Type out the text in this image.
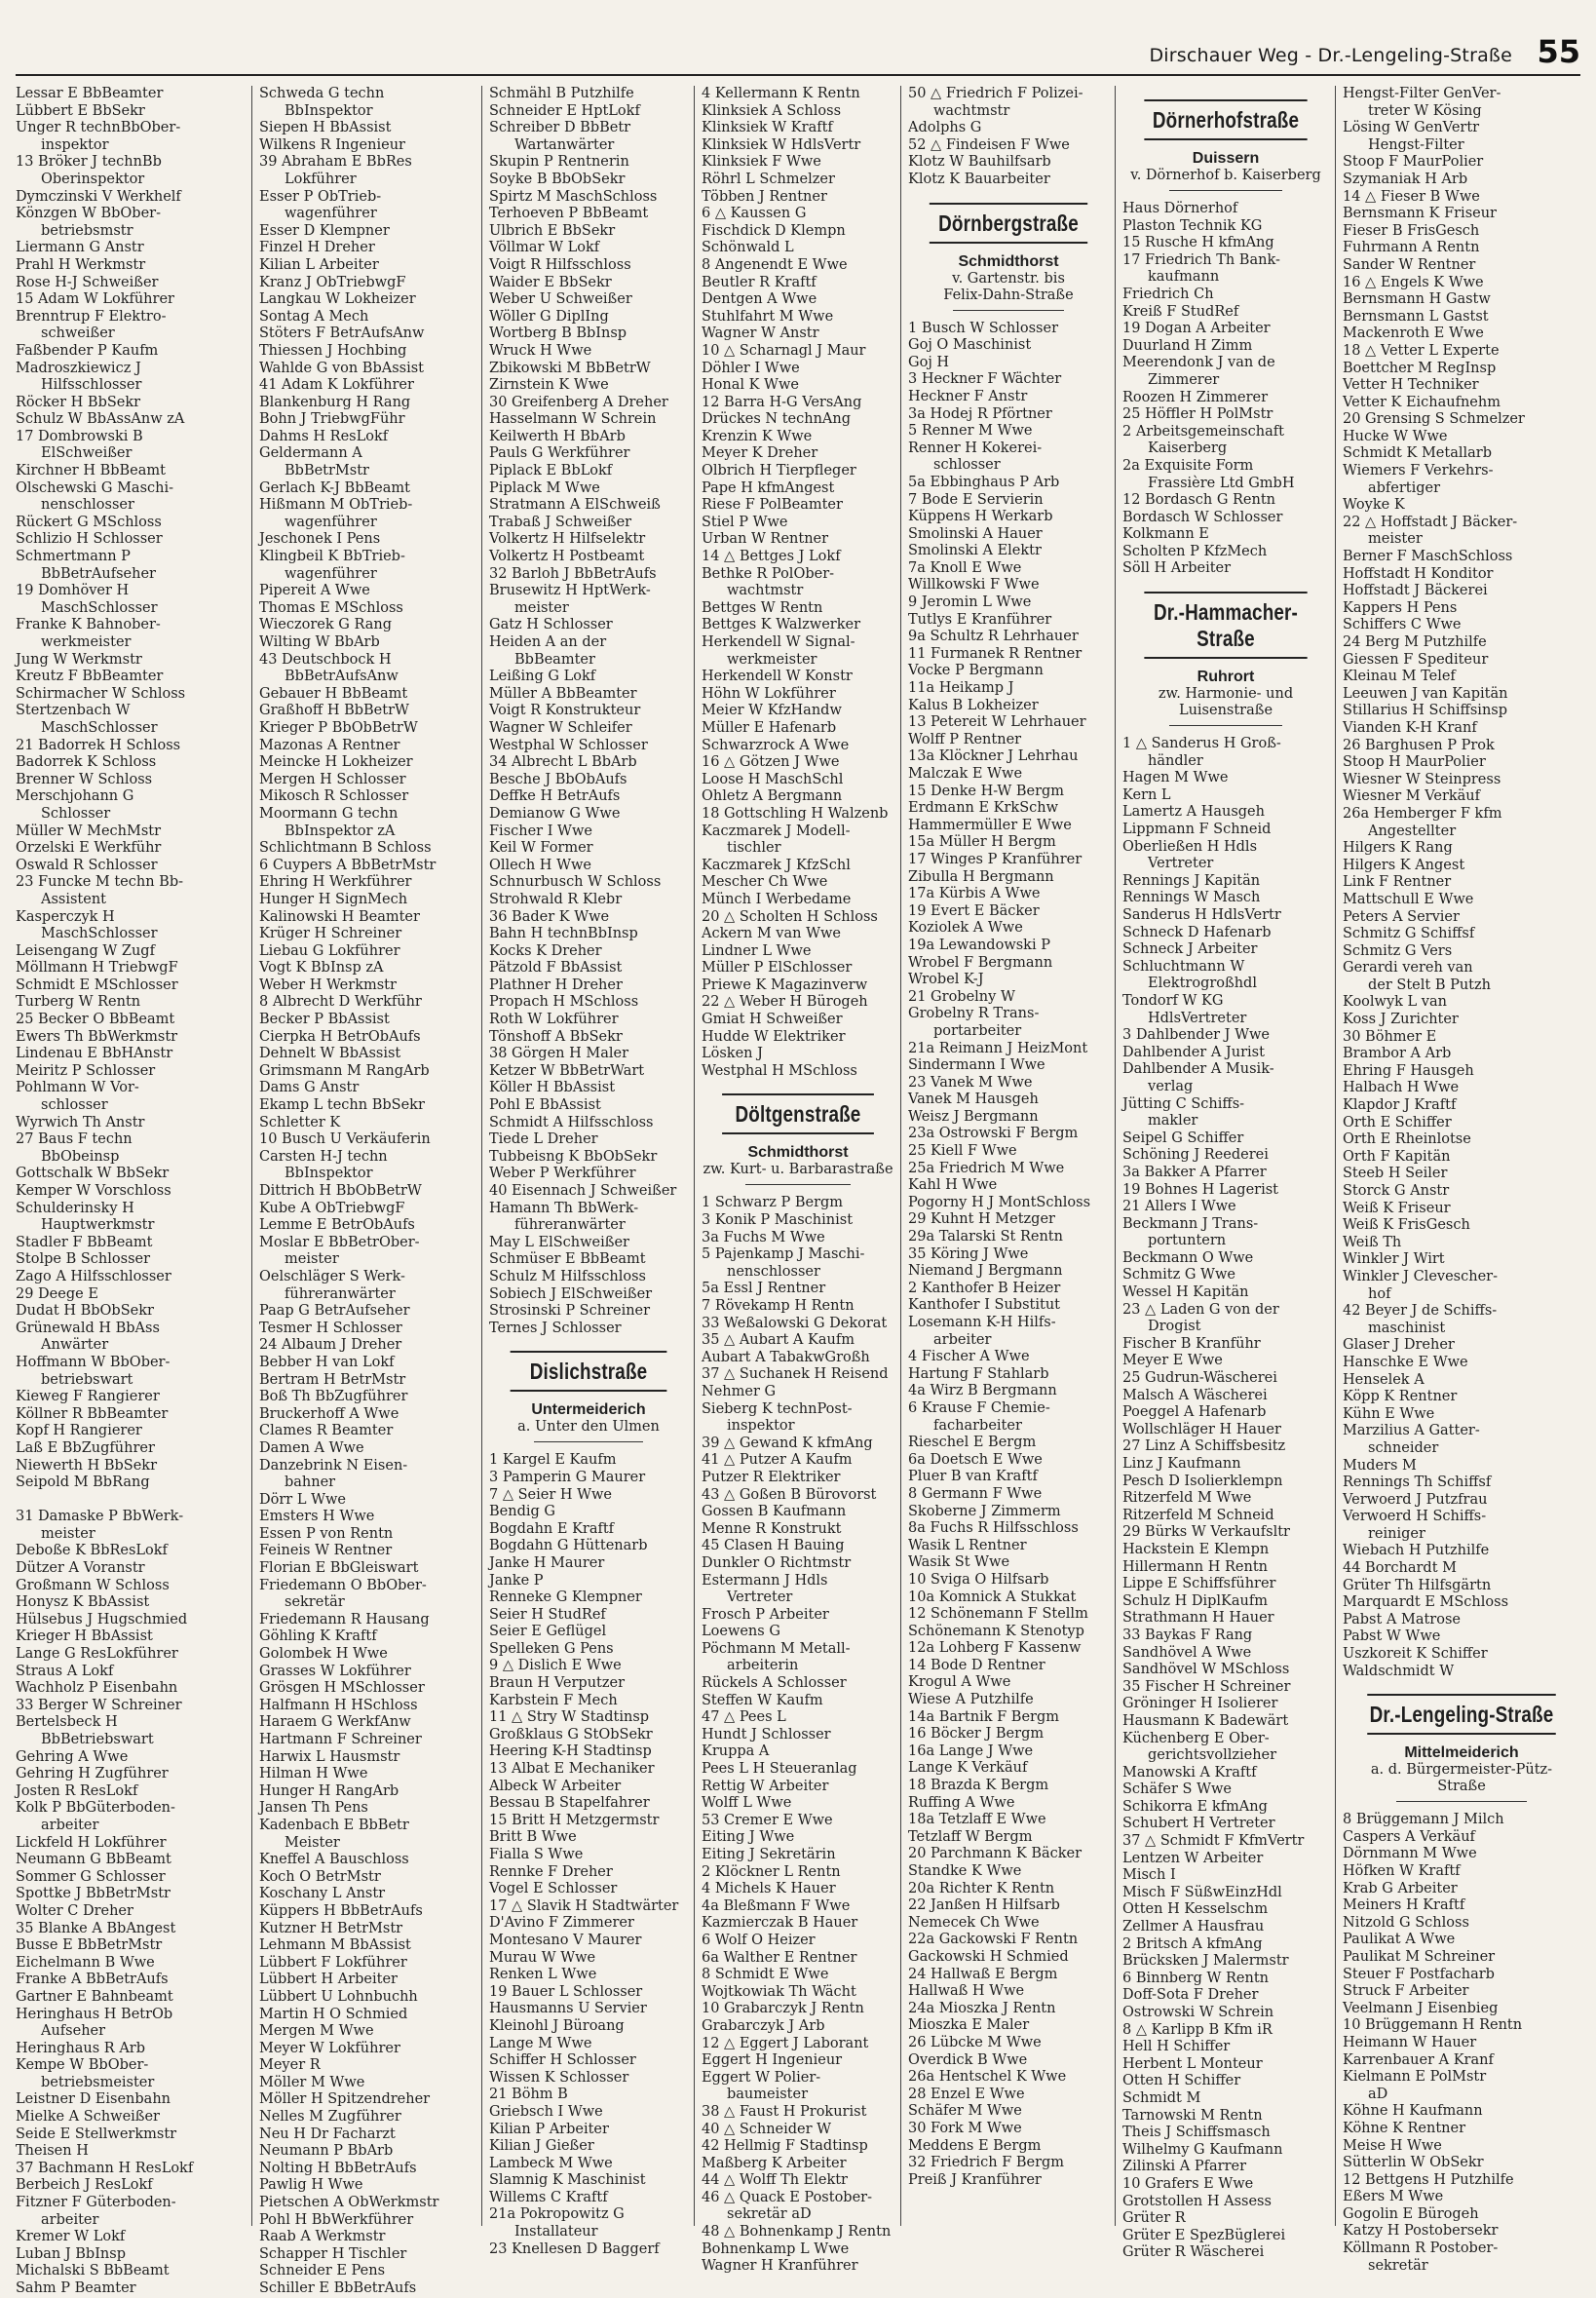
Dirschauer Weg - Dr.-Lengeling-Straße 55
Lessar E BbBeamter
Lübbert E BbSekr
Unger R technBbOber-
inspektor
13 Bröker J technBb
Oberinspektor
Dymczinski V Werkhelf
Könzgen W BbOber-
betriebsmstr
Liermann G Anstr
Prahl H Werkmstr
Rose H-J Schweißer
15 Adam W Lokführer
Brenntrup F Elektro-
schweißer
Faßbender P Kaufm
Madroszkiewicz J
Hilfsschlosser
Röcker H BbSekr
Schulz W BbAssAnw zA
17 Dombrowski B
ElSchweißer
Kirchner H BbBeamt
Olschewski G Maschi-
nenschlosser
Rückert G MSchloss
Schlizio H Schlosser
Schmertmann P
BbBetrAufseher
19 Domhöver H
MaschSchlosser
Franke K Bahnober-
werkmeister
Jung W Werkmstr
Kreutz F BbBeamter
Schirmacher W Schloss
Stertzenbach W
MaschSchlosser
21 Badorrek H Schloss
Badorrek K Schloss
Brenner W Schloss
Merschjohann G
Schlosser
Müller W MechMstr
Orzelski E Werkführ
Oswald R Schlosser
23 Funcke M techn Bb-
Assistent
Kasperczyk H
MaschSchlosser
Leisengang W Zugf
Möllmann H TriebwgF
Schmidt E MSchlosser
Turberg W Rentn
25 Becker O BbBeamt
Ewers Th BbWerkmstr
Lindenau E BbHAnstr
Meiritz P Schlosser
Pohlmann W Vor-
schlosser
Wyrwich Th Anstr
27 Baus F techn
BbObeinsp
Gottschalk W BbSekr
Kemper W Vorschloss
Schulderinsky H
Hauptwerkmstr
Stadler F BbBeamt
Stolpe B Schlosser
Zago A Hilfsschlosser
29 Deege E
Dudat H BbObSekr
Grünewald H BbAss
Anwärter
Hoffmann W BbOber-
betriebswart
Kieweg F Rangierer
Köllner R BbBeamter
Kopf H Rangierer
Laß E BbZugführer
Niewerth H BbSekr
Seipold M BbRang

31 Damaske P BbWerk-
meister
Deboße K BbResLokf
Dützer A Voranstr
Großmann W Schloss
Honysz K BbAssist
Hülsebus J Hugschmied
Krieger H BbAssist
Lange G ResLokführer
Straus A Lokf
Wachholz P Eisenbahn
33 Berger W Schreiner
Bertelsbeck H
BbBetriebswart
Gehring A Wwe
Gehring H Zugführer
Josten R ResLokf
Kolk P BbGüterboden-
arbeiter
Lickfeld H Lokführer
Neumann G BbBeamt
Sommer G Schlosser
Spottke J BbBetrMstr
Wolter C Dreher
35 Blanke A BbAngest
Busse E BbBetrMstr
Eichelmann B Wwe
Franke A BbBetrAufs
Gartner E Bahnbeamt
Heringhaus H BetrOb
Aufseher
Heringhaus R Arb
Kempe W BbOber-
betriebsmeister
Leistner D Eisenbahn
Mielke A Schweißer
Seide E Stellwerkmstr
Theisen H
37 Bachmann H ResLokf
Berbeich J ResLokf
Fitzner F Güterboden-
arbeiter
Kremer W Lokf
Luban J BbInsp
Michalski S BbBeamt
Sahm P Beamter
Schweda G techn
BbInspektor
Siepen H BbAssist
Wilkens R Ingenieur
39 Abraham E BbRes
Lokführer
Esser P ObTrieb-
wagenführer
Esser D Klempner
Finzel H Dreher
Kilian L Arbeiter
Kranz J ObTriebwgF
Langkau W Lokheizer
Sontag A Mech
Stöters F BetrAufsAnw
Thiessen J Hochbing
Wahlde G von BbAssist
41 Adam K Lokführer
Blankenburg H Rang
Bohn J TriebwgFühr
Dahms H ResLokf
Geldermann A
BbBetrMstr
Gerlach K-J BbBeamt
Hißmann M ObTrieb-
wagenführer
Jeschonek I Pens
Klingbeil K BbTrieb-
wagenführer
Pipereit A Wwe
Thomas E MSchloss
Wieczorek G Rang
Wilting W BbArb
43 Deutschbock H
BbBetrAufsAnw
Gebauer H BbBeamt
Graßhoff H BbBetrW
Krieger P BbObBetrW
Mazonas A Rentner
Meincke H Lokheizer
Mergen H Schlosser
Mikosch R Schlosser
Moormann G techn
BbInspektor zA
Schlichtmann B Schloss
6 Cuypers A BbBetrMstr
Ehring H Werkführer
Hunger H SignMech
Kalinowski H Beamter
Krüger H Schreiner
Liebau G Lokführer
Vogt K BbInsp zA
Weber H Werkmstr
8 Albrecht D Werkführ
Becker P BbAssist
Cierpka H BetrObAufs
Dehnelt W BbAssist
Grimsmann M RangArb
Dams G Anstr
Ekamp L techn BbSekr
Schletter K
10 Busch U Verkäuferin
Carsten H-J techn
BbInspektor
Dittrich H BbObBetrW
Kube A ObTriebwgF
Lemme E BetrObAufs
Moslar E BbBetrOber-
meister
Oelschläger S Werk-
führeranwärter
Paap G BetrAufseher
Tesmer H Schlosser
24 Albaum J Dreher
Bebber H van Lokf
Bertram H BetrMstr
Boß Th BbZugführer
Bruckerhoff A Wwe
Clames R Beamter
Damen A Wwe
Danzebrink N Eisen-
bahner
Dörr L Wwe
Emsters H Wwe
Essen P von Rentn
Feineis W Rentner
Florian E BbGleiswart
Friedemann O BbOber-
sekretär
Friedemann R Hausang
Göhling K Kraftf
Golombek H Wwe
Grasses W Lokführer
Grösgen H MSchlosser
Halfmann H HSchloss
Haraem G WerkfAnw
Hartmann F Schreiner
Harwix L Hausmstr
Hilman H Wwe
Hunger H RangArb
Jansen Th Pens
Kadenbach E BbBetr
Meister
Kneffel A Bauschloss
Koch O BetrMstr
Koschany L Anstr
Küppers H BbBetrAufs
Kutzner H BetrMstr
Lehmann M BbAssist
Lübbert F Lokführer
Lübbert H Arbeiter
Lübbert U Lohnbuchh
Martin H O Schmied
Mergen M Wwe
Meyer W Lokführer
Meyer R
Möller M Wwe
Möller H Spitzendreher
Nelles M Zugführer
Neu H Dr Facharzt
Neumann P BbArb
Nolting H BbBetrAufs
Pawlig H Wwe
Pietschen A ObWerkmstr
Pohl H BbWerkführer
Raab A Werkmstr
Schapper H Tischler
Schneider E Pens
Schiller E BbBetrAufs
Schmähl B Putzhilfe
Schneider E HptLokf
Schreiber D BbBetr
Wartanwärter
Skupin P Rentnerin
Soyke B BbObSekr
Spirtz M MaschSchloss
Terhoeven P BbBeamt
Ulbrich E BbSekr
Völlmar W Lokf
Voigt R Hilfsschloss
Waider E BbSekr
Weber U Schweißer
Wöller G DiplIng
Wortberg B BbInsp
Wruck H Wwe
Zbikowski M BbBetrW
Zirnstein K Wwe
30 Greifenberg A Dreher
Hasselmann W Schrein
Keilwerth H BbArb
Pauls G Werkführer
Piplack E BbLokf
Piplack M Wwe
Stratmann A ElSchweiß
Trabaß J Schweißer
Volkertz H Hilfselektr
Volkertz H Postbeamt
32 Barloh J BbBetrAufs
Brusewitz H HptWerk-
meister
Gatz H Schlosser
Heiden A an der
BbBeamter
Leißing G Lokf
Müller A BbBeamter
Voigt R Konstrukteur
Wagner W Schleifer
Westphal W Schlosser
34 Albrecht L BbArb
Besche J BbObAufs
Deffke H BetrAufs
Demianow G Wwe
Fischer I Wwe
Keil W Former
Ollech H Wwe
Schnurbusch W Schloss
Strohwald R Klebr
36 Bader K Wwe
Bahn H technBbInsp
Kocks K Dreher
Pätzold F BbAssist
Plathner H Dreher
Propach H MSchloss
Roth W Lokführer
Tönshoff A BbSekr
38 Görgen H Maler
Ketzer W BbBetrWart
Köller H BbAssist
Pohl E BbAssist
Schmidt A Hilfsschloss
Tiede L Dreher
Tubbeisng K BbObSekr
Weber P Werkführer
40 Eisennach J Schweißer
Hamann Th BbWerk-
führeranwärter
May L ElSchweißer
Schmüser E BbBeamt
Schulz M Hilfsschloss
Sobiech J ElSchweißer
Strosinski P Schreiner
Ternes J Schlosser
Dislichstraße
Untermeiderich
a. Unter den Ulmen
1 Kargel E Kaufm
3 Pamperin G Maurer
7 △ Seier H Wwe
Bendig G
Bogdahn E Kraftf
Bogdahn G Hüttenarb
Janke H Maurer
Janke P
Renneke G Klempner
Seier H StudRef
Seier E Geflügel
Spelleken G Pens
9 △ Dislich E Wwe
Braun H Verputzer
Karbstein F Mech
11 △ Stry W Stadtinsp
Großklaus G StObSekr
Heering K-H Stadtinsp
13 Albat E Mechaniker
Albeck W Arbeiter
Bessau B Stapelfahrer
15 Britt H Metzgermstr
Britt B Wwe
Fialla S Wwe
Rennke F Dreher
Vogel E Schlosser
17 △ Slavik H Stadtwärter
D'Avino F Zimmerer
Montesano V Maurer
Murau W Wwe
Renken L Wwe
19 Bauer L Schlosser
Hausmanns U Servier
Kleinohl J Büroang
Lange M Wwe
Schiffer H Schlosser
Wissen K Schlosser
21 Böhm B
Griebsch I Wwe
Kilian P Arbeiter
Kilian J Gießer
Lambeck M Wwe
Slamnig K Maschinist
Willems C Kraftf
21a Pokropowitz G
Installateur
23 Knellesen D Baggerf
4 Kellermann K Rentn
Klinksiek A Schloss
Klinksiek W Kraftf
Klinksiek W HdlsVertr
Klinksiek F Wwe
Röhrl L Schmelzer
Többen J Rentner
6 △ Kaussen G
Fischdick D Klempn
Schönwald L
8 Angenendt E Wwe
Beutler R Kraftf
Dentgen A Wwe
Stuhlfahrt M Wwe
Wagner W Anstr
10 △ Scharnagl J Maur
Döhler I Wwe
Honal K Wwe
12 Barra H-G VersAng
Drückes N technAng
Krenzin K Wwe
Meyer K Dreher
Olbrich H Tierpfleger
Pape H kfmAngest
Riese F PolBeamter
Stiel P Wwe
Urban W Rentner
14 △ Bettges J Lokf
Bethke R PolOber-
wachtmstr
Bettges W Rentn
Bettges K Walzwerker
Herkendell W Signal-
werkmeister
Herkendell W Konstr
Höhn W Lokführer
Meier W KfzHandw
Müller E Hafenarb
Schwarzrock A Wwe
16 △ Götzen J Wwe
Loose H MaschSchl
Ohletz A Bergmann
18 Gottschling H Walzenb
Kaczmarek J Modell-
tischler
Kaczmarek J KfzSchl
Mescher Ch Wwe
Münch I Werbedame
20 △ Scholten H Schloss
Ackern M van Wwe
Lindner L Wwe
Müller P ElSchlosser
Priewe K Magazinverw
22 △ Weber H Bürogeh
Gmiat H Schweißer
Hudde W Elektriker
Lösken J
Westphal H MSchloss
Döltgenstraße
Schmidthorst
zw. Kurt- u. Barbarastraße
1 Schwarz P Bergm
3 Konik P Maschinist
3a Fuchs M Wwe
5 Pajenkamp J Maschi-
nenschlosser
5a Essl J Rentner
7 Rövekamp H Rentn
33 Weßalowski G Dekorat
35 △ Aubart A Kaufm
Aubart A TabakwGroßh
37 △ Suchanek H Reisend
Nehmer G
Sieberg K technPost-
inspektor
39 △ Gewand K kfmAng
41 △ Putzer A Kaufm
Putzer R Elektriker
43 △ Goßen B Bürovorst
Gossen B Kaufmann
Menne R Konstrukt
45 Clasen H Bauing
Dunkler O Richtmstr
Estermann J Hdls
Vertreter
Frosch P Arbeiter
Loewens G
Pöchmann M Metall-
arbeiterin
Rückels A Schlosser
Steffen W Kaufm
47 △ Pees L
Hundt J Schlosser
Kruppa A
Pees L H Steueranlag
Rettig W Arbeiter
Wolff L Wwe
53 Cremer E Wwe
Eiting J Wwe
Eiting J Sekretärin
2 Klöckner L Rentn
4 Michels K Hauer
4a Bleßmann F Wwe
Kazmierczak B Hauer
6 Wolf O Heizer
6a Walther E Rentner
8 Schmidt E Wwe
Wojtkowiak Th Wächt
10 Grabarczyk J Rentn
Grabarczyk J Arb
12 △ Eggert J Laborant
Eggert H Ingenieur
Eggert W Polier-
baumeister
38 △ Faust H Prokurist
40 △ Schneider W
42 Hellmig F Stadtinsp
Maßberg K Arbeiter
44 △ Wolff Th Elektr
46 △ Quack E Postober-
sekretär aD
48 △ Bohnenkamp J Rentn
Bohnenkamp L Wwe
Wagner H Kranführer
50 △ Friedrich F Polizei-
wachtmstr
Adolphs G
52 △ Findeisen F Wwe
Klotz W Bauhilfsarb
Klotz K Bauarbeiter
Dörnbergstraße
Schmidthorst
v. Gartenstr. bis
Felix-Dahn-Straße
1 Busch W Schlosser
Goj O Maschinist
Goj H
3 Heckner F Wächter
Heckner F Anstr
3a Hodej R Pförtner
5 Renner M Wwe
Renner H Kokerei-
schlosser
5a Ebbinghaus P Arb
7 Bode E Servierin
Küppens H Werkarb
Smolinski A Hauer
Smolinski A Elektr
7a Knoll E Wwe
Willkowski F Wwe
9 Jeromin L Wwe
Tutlys E Kranführer
9a Schultz R Lehrhauer
11 Furmanek R Rentner
Vocke P Bergmann
11a Heikamp J
Kalus B Lokheizer
13 Petereit W Lehrhauer
Wolff P Rentner
13a Klöckner J Lehrhau
Malczak E Wwe
15 Denke H-W Bergm
Erdmann E KrkSchw
Hammermüller E Wwe
15a Müller H Bergm
17 Winges P Kranführer
Zibulla H Bergmann
17a Kürbis A Wwe
19 Evert E Bäcker
Koziolek A Wwe
19a Lewandowski P
Wrobel F Bergmann
Wrobel K-J
21 Grobelny W
Grobelny R Trans-
portarbeiter
21a Reimann J HeizMont
Sindermann I Wwe
23 Vanek M Wwe
Vanek M Hausgeh
Weisz J Bergmann
23a Ostrowski F Bergm
25 Kiell F Wwe
25a Friedrich M Wwe
Kahl H Wwe
Pogorny H J MontSchloss
29 Kuhnt H Metzger
29a Talarski St Rentn
35 Köring J Wwe
Niemand J Bergmann
2 Kanthofer B Heizer
Kanthofer I Substitut
Losemann K-H Hilfs-
arbeiter
4 Fischer A Wwe
Hartung F Stahlarb
4a Wirz B Bergmann
6 Krause F Chemie-
facharbeiter
Rieschel E Bergm
6a Doetsch E Wwe
Pluer B van Kraftf
8 Germann F Wwe
Skoberne J Zimmerm
8a Fuchs R Hilfsschloss
Wasik L Rentner
Wasik St Wwe
10 Sviga O Hilfsarb
10a Komnick A Stukkat
12 Schönemann F Stellm
Schönemann K Stenotyp
12a Lohberg F Kassenw
14 Bode D Rentner
Krogul A Wwe
Wiese A Putzhilfe
14a Bartnik F Bergm
16 Böcker J Bergm
16a Lange J Wwe
Lange K Verkäuf
18 Brazda K Bergm
Ruffing A Wwe
18a Tetzlaff E Wwe
Tetzlaff W Bergm
20 Parchmann K Bäcker
Standke K Wwe
20a Richter K Rentn
22 Janßen H Hilfsarb
Nemecek Ch Wwe
22a Gackowski F Rentn
Gackowski H Schmied
24 Hallwaß E Bergm
Hallwaß H Wwe
24a Mioszka J Rentn
Mioszka E Maler
26 Lübcke M Wwe
Overdick B Wwe
26a Hentschel K Wwe
28 Enzel E Wwe
Schäfer M Wwe
30 Fork M Wwe
Meddens E Bergm
32 Friedrich F Bergm
Preiß J Kranführer
Dörnerhofstraße
Duissern
v. Dörnerhof b. Kaiserberg
Haus Dörnerhof
Plaston Technik KG
15 Rusche H kfmAng
17 Friedrich Th Bank-
kaufmann
Friedrich Ch
Kreiß F StudRef
19 Dogan A Arbeiter
Duurland H Zimm
Meerendonk J van de
Zimmerer
Roozen H Zimmerer
25 Höffler H PolMstr
2 Arbeitsgemeinschaft
Kaiserberg
2a Exquisite Form
Frassière Ltd GmbH
12 Bordasch G Rentn
Bordasch W Schlosser
Kolkmann E
Scholten P KfzMech
Söll H Arbeiter
Dr.-Hammacher-Straße
Ruhrort
zw. Harmonie- und
Luisenstraße
1 △ Sanderus H Groß-
händler
Hagen M Wwe
Kern L
Lamertz A Hausgeh
Lippmann F Schneid
Oberließen H Hdls
Vertreter
Rennings J Kapitän
Rennings W Masch
Sanderus H HdlsVertr
Schneck D Hafenarb
Schneck J Arbeiter
Schluchtmann W
Elektrogroßhdl
Tondorf W KG
HdlsVertreter
3 Dahlbender J Wwe
Dahlbender A Jurist
Dahlbender A Musik-
verlag
Jütting C Schiffs-
makler
Seipel G Schiffer
Schöning J Reederei
3a Bakker A Pfarrer
19 Bohnes H Lagerist
21 Allers I Wwe
Beckmann J Trans-
portuntern
Beckmann O Wwe
Schmitz G Wwe
Wessel H Kapitän
23 △ Laden G von der
Drogist
Fischer B Kranführ
Meyer E Wwe
25 Gudrun-Wäscherei
Malsch A Wäscherei
Poeggel A Hafenarb
Wollschläger H Hauer
27 Linz A Schiffsbesitz
Linz J Kaufmann
Pesch D Isolierklempn
Ritzerfeld M Wwe
Ritzerfeld M Schneid
29 Bürks W Verkaufsltr
Hackstein E Klempn
Hillermann H Rentn
Lippe E Schiffsführer
Schulz H DiplKaufm
Strathmann H Hauer
33 Baykas F Rang
Sandhövel A Wwe
Sandhövel W MSchloss
35 Fischer H Schreiner
Gröninger H Isolierer
Hausmann K Badewärt
Küchenberg E Ober-
gerichtsvollzieher
Manowski A Kraftf
Schäfer S Wwe
Schikorra E kfmAng
Schubert H Vertreter
37 △ Schmidt F KfmVertr
Lentzen W Arbeiter
Misch I
Misch F SüßwEinzHdl
Otten H Kesselschm
Zellmer A Hausfrau
2 Britsch A kfmAng
Brücksken J Malermstr
6 Binnberg W Rentn
Doff-Sota F Dreher
Ostrowski W Schrein
8 △ Karlipp B Kfm iR
Hell H Schiffer
Herbent L Monteur
Otten H Schiffer
Schmidt M
Tarnowski M Rentn
Theis J Schiffsmasch
Wilhelmy G Kaufmann
Zilinski A Pfarrer
10 Grafers E Wwe
Grotstollen H Assess
Grüter R
Grüter E SpezBüglerei
Grüter R Wäscherei
Hengst-Filter GenVer-
treter W Kösing
Lösing W GenVertr
Hengst-Filter
Stoop F MaurPolier
Szymaniak H Arb
14 △ Fieser B Wwe
Bernsmann K Friseur
Fieser B FrisGesch
Fuhrmann A Rentn
Sander W Rentner
16 △ Engels K Wwe
Bernsmann H Gastw
Bernsmann L Gastst
Mackenroth E Wwe
18 △ Vetter L Experte
Boettcher M RegInsp
Vetter H Techniker
Vetter K Eichaufnehm
20 Grensing S Schmelzer
Hucke W Wwe
Schmidt K Metallarb
Wiemers F Verkehrs-
abfertiger
Woyke K
22 △ Hoffstadt J Bäcker-
meister
Berner F MaschSchloss
Hoffstadt H Konditor
Hoffstadt J Bäckerei
Kappers H Pens
Schiffers C Wwe
24 Berg M Putzhilfe
Giessen F Spediteur
Kleinau M Telef
Leeuwen J van Kapitän
Stillarius H Schiffsinsp
Vianden K-H Kranf
26 Barghusen P Prok
Stoop H MaurPolier
Wiesner W Steinpress
Wiesner M Verkäuf
26a Hemberger F kfm
Angestellter
Hilgers K Rang
Hilgers K Angest
Link F Rentner
Mattschull E Wwe
Peters A Servier
Schmitz G Schiffsf
Schmitz G Vers
Gerardi vereh van
der Stelt B Putzh
Koolwyk L van
Koss J Zurichter
30 Böhmer E
Brambor A Arb
Ehring F Hausgeh
Halbach H Wwe
Klapdor J Kraftf
Orth E Schiffer
Orth E Rheinlotse
Orth F Kapitän
Steeb H Seiler
Storck G Anstr
Weiß K Friseur
Weiß K FrisGesch
Weiß Th
Winkler J Wirt
Winkler J Clevescher-
hof
42 Beyer J de Schiffs-
maschinist
Glaser J Dreher
Hanschke E Wwe
Henselek A
Köpp K Rentner
Kühn E Wwe
Marzilius A Gatter-
schneider
Muders M
Rennings Th Schiffsf
Verwoerd J Putzfrau
Verwoerd H Schiffs-
reiniger
Wiebach H Putzhilfe
44 Borchardt M
Grüter Th Hilfsgärtn
Marquardt E MSchloss
Pabst A Matrose
Pabst W Wwe
Uszkoreit K Schiffer
Waldschmidt W
Dr.-Lengeling-Straße
Mittelmeiderich
a. d. Bürgermeister-Pütz-
Straße
8 Brüggemann J Milch
Caspers A Verkäuf
Dörnmann M Wwe
Höfken W Kraftf
Krab G Arbeiter
Meiners H Kraftf
Nitzold G Schloss
Paulikat A Wwe
Paulikat M Schreiner
Steuer F Postfacharb
Struck F Arbeiter
Veelmann J Eisenbieg
10 Brüggemann H Rentn
Heimann W Hauer
Karrenbauer A Kranf
Kielmann E PolMstr
aD
Köhne H Kaufmann
Köhne K Rentner
Meise H Wwe
Sütterlin W ObSekr
12 Bettgens H Putzhilfe
Eßers M Wwe
Gogolin E Bürogeh
Katzy H Postobersekr
Köllmann R Postober-
sekretär
